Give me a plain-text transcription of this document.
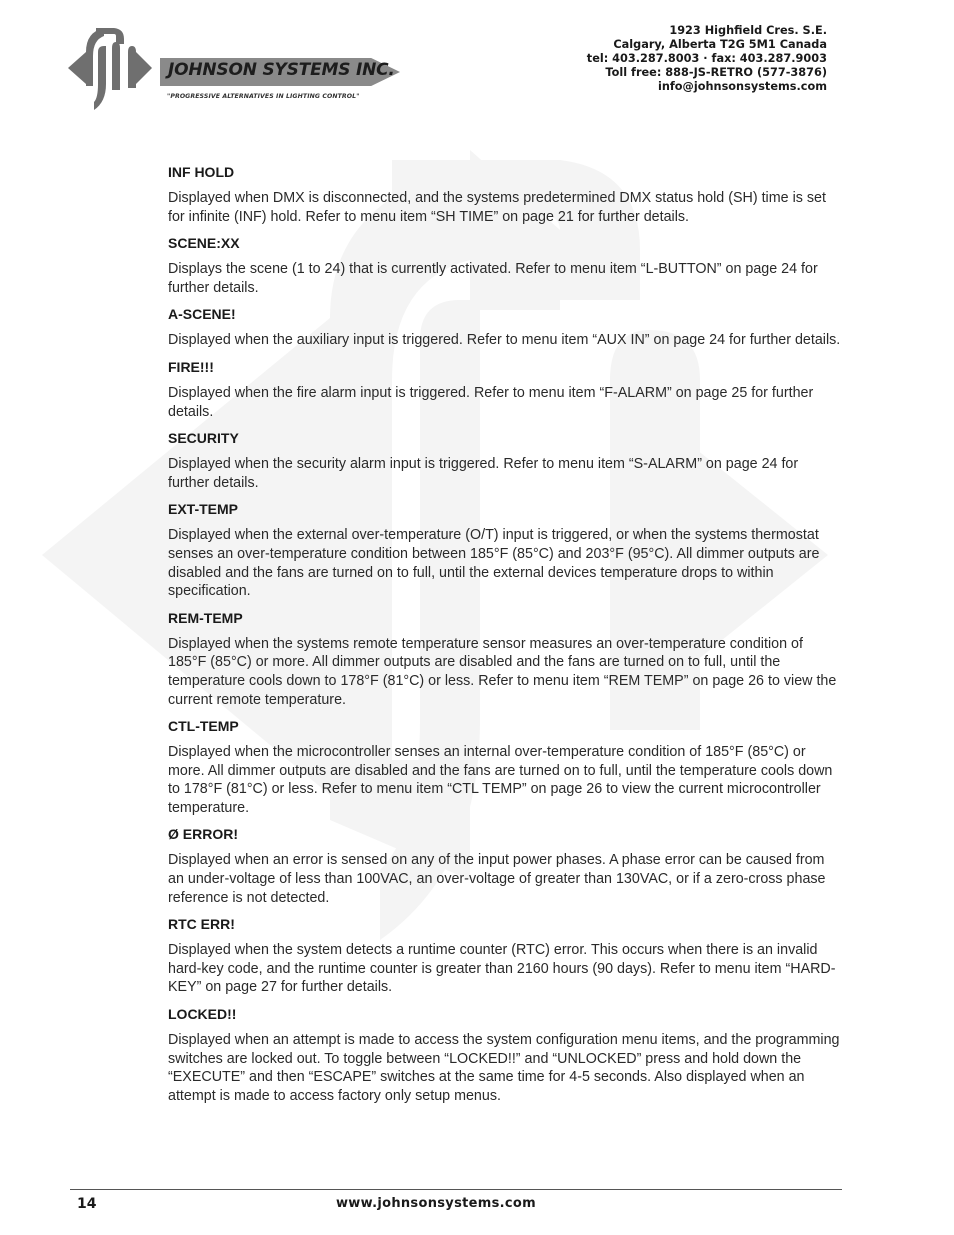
JOHNSON SYSTEMS INC.
"PROGRESSIVE ALTERNATIVES IN LIGHTING CONTROL"
1923 Highfield Cres. S.E.
Calgary, Alberta T2G 5M1 Canada
tel: 403.287.8003 · fax: 403.287.9003
Toll free: 888-JS-RETRO (577-3876)
info@johnsonsystems.com
INF HOLD
Displayed when DMX is disconnected, and the systems predetermined DMX status hold (SH) time is set for infinite (INF) hold. Refer to menu item “SH TIME” on page 21 for further details.
SCENE:XX
Displays the scene (1 to 24) that is currently activated. Refer to menu item “L-BUTTON” on page 24 for further details.
A-SCENE!
Displayed when the auxiliary input is triggered. Refer to menu item “AUX IN” on page 24 for further details.
FIRE!!!
Displayed when the fire alarm input is triggered. Refer to menu item “F-ALARM” on page 25 for further details.
SECURITY
Displayed when the security alarm input is triggered. Refer to menu item “S-ALARM” on page 24 for further details.
EXT-TEMP
Displayed when the external over-temperature (O/T) input is triggered, or when the systems thermostat senses an over-temperature condition between 185°F (85°C) and 203°F (95°C). All dimmer outputs are disabled and the fans are turned on to full, until the external devices temperature drops to within specification.
REM-TEMP
Displayed when the systems remote temperature sensor measures an over-temperature condition of 185°F (85°C) or more. All dimmer outputs are disabled and the fans are turned on to full, until the temperature cools down to 178°F (81°C) or less. Refer to menu item “REM TEMP” on page 26 to view the current remote temperature.
CTL-TEMP
Displayed when the microcontroller senses an internal over-temperature condition of 185°F (85°C) or more. All dimmer outputs are disabled and the fans are turned on to full, until the temperature cools down to 178°F (81°C) or less. Refer to menu item “CTL TEMP” on page 26 to view the current microcontroller temperature.
Ø ERROR!
Displayed when an error is sensed on any of the input power phases. A phase error can be caused from an under-voltage of less than 100VAC, an over-voltage of greater than 130VAC, or if a zero-cross phase reference is not detected.
RTC ERR!
Displayed when the system detects a runtime counter (RTC) error. This occurs when there is an invalid hard-key code, and the runtime counter is greater than 2160 hours (90 days). Refer to menu item “HARD-KEY” on page 27 for further details.
LOCKED!!
Displayed when an attempt is made to access the system configuration menu items, and the programming switches are locked out. To toggle between “LOCKED!!” and “UNLOCKED” press and hold down the “EXECUTE” and then “ESCAPE” switches at the same time for 4-5 seconds. Also displayed when an attempt is made to access factory only setup menus.
14	www.johnsonsystems.com
